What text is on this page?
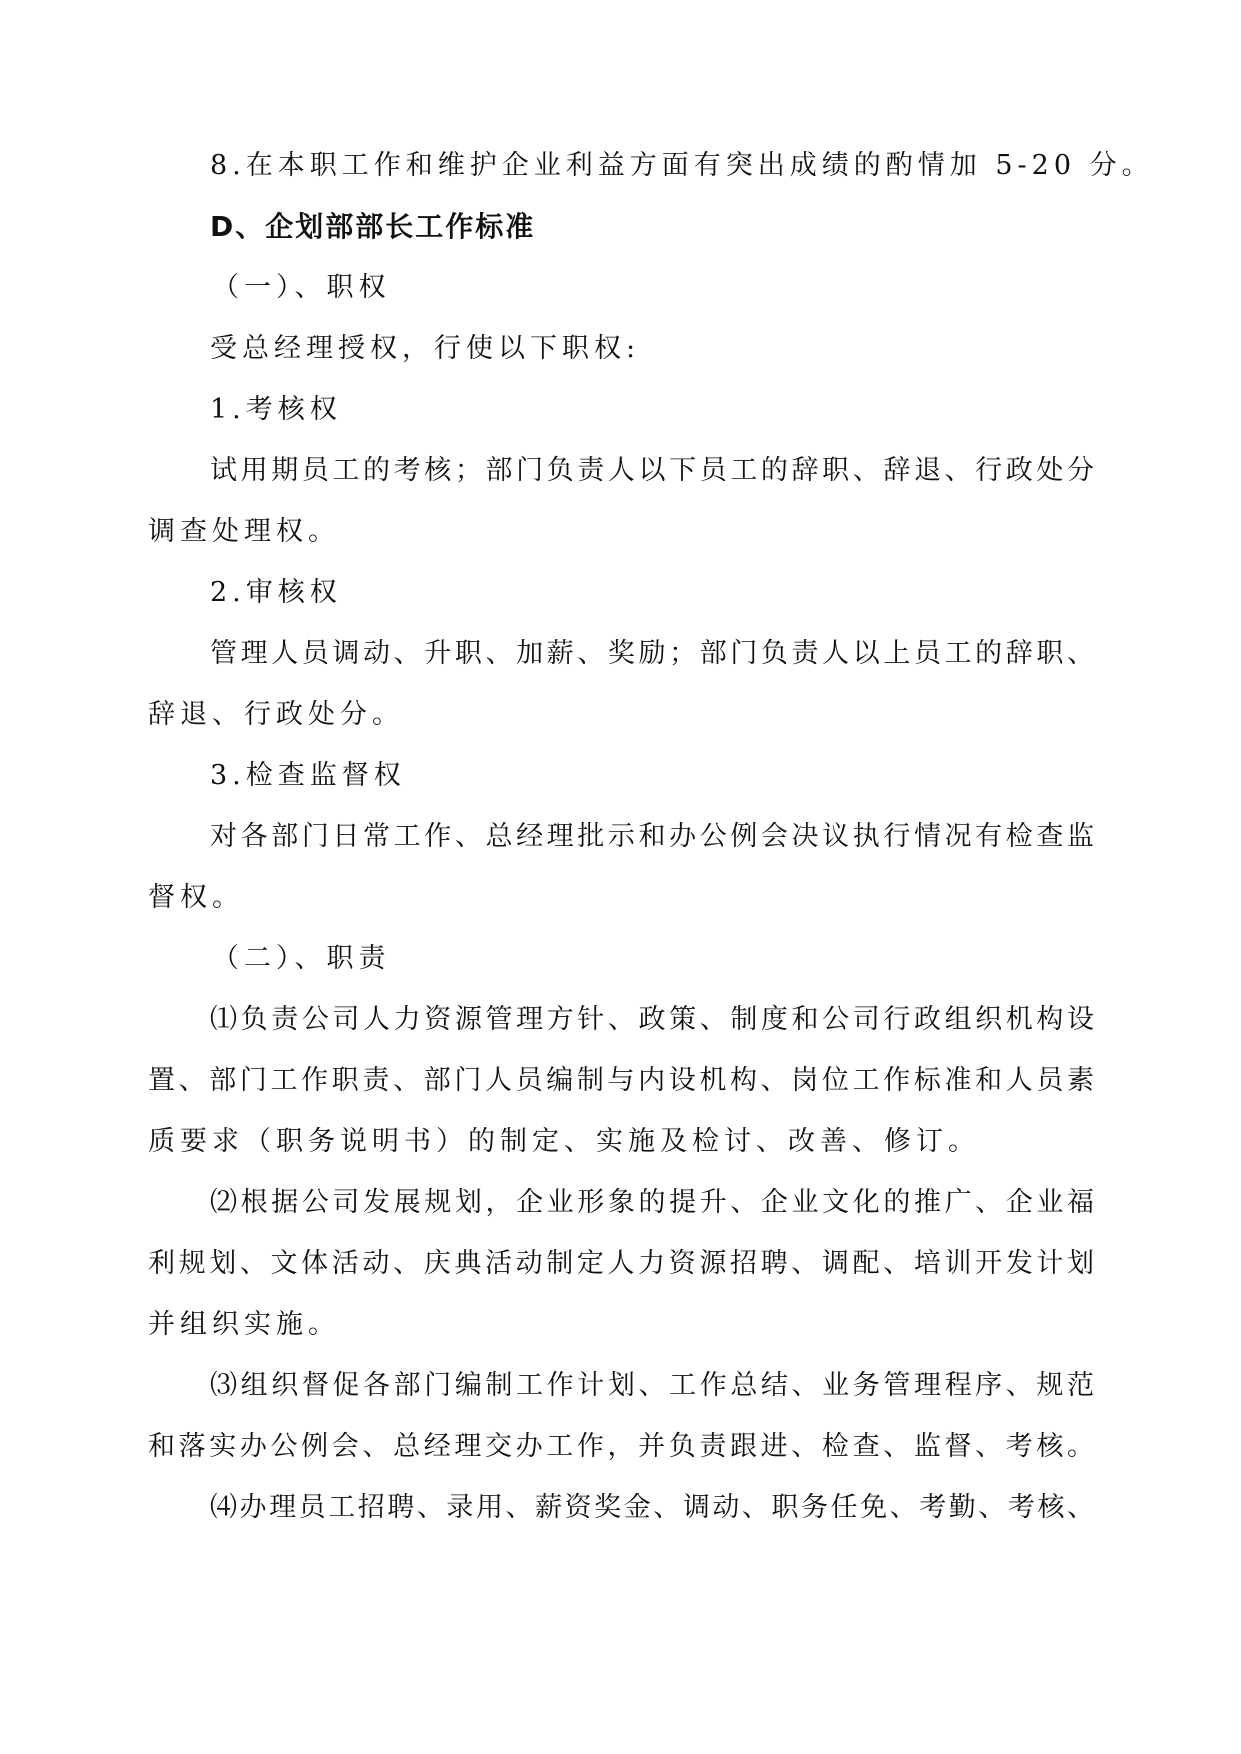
8.在本职工作和维护企业利益方面有突出成绩的酌情加 5-20 分。
D、企划部部长工作标准
（一）、职权
受总经理授权，行使以下职权:
1.考核权
试用期员工的考核；部门负责人以下员工的辞职、辞退、行政处分
调查处理权。
2.审核权
管理人员调动、升职、加薪、奖励；部门负责人以上员工的辞职、
辞退、行政处分。
3.检查监督权
对各部门日常工作、总经理批示和办公例会决议执行情况有检查监
督权。
（二）、职责
⑴负责公司人力资源管理方针、政策、制度和公司行政组织机构设
置、部门工作职责、部门人员编制与内设机构、岗位工作标准和人员素
质要求（职务说明书）的制定、实施及检讨、改善、修订。
⑵根据公司发展规划，企业形象的提升、企业文化的推广、企业福
利规划、文体活动、庆典活动制定人力资源招聘、调配、培训开发计划
并组织实施。
⑶组织督促各部门编制工作计划、工作总结、业务管理程序、规范
和落实办公例会、总经理交办工作，并负责跟进、检查、监督、考核。
⑷办理员工招聘、录用、薪资奖金、调动、职务任免、考勤、考核、
